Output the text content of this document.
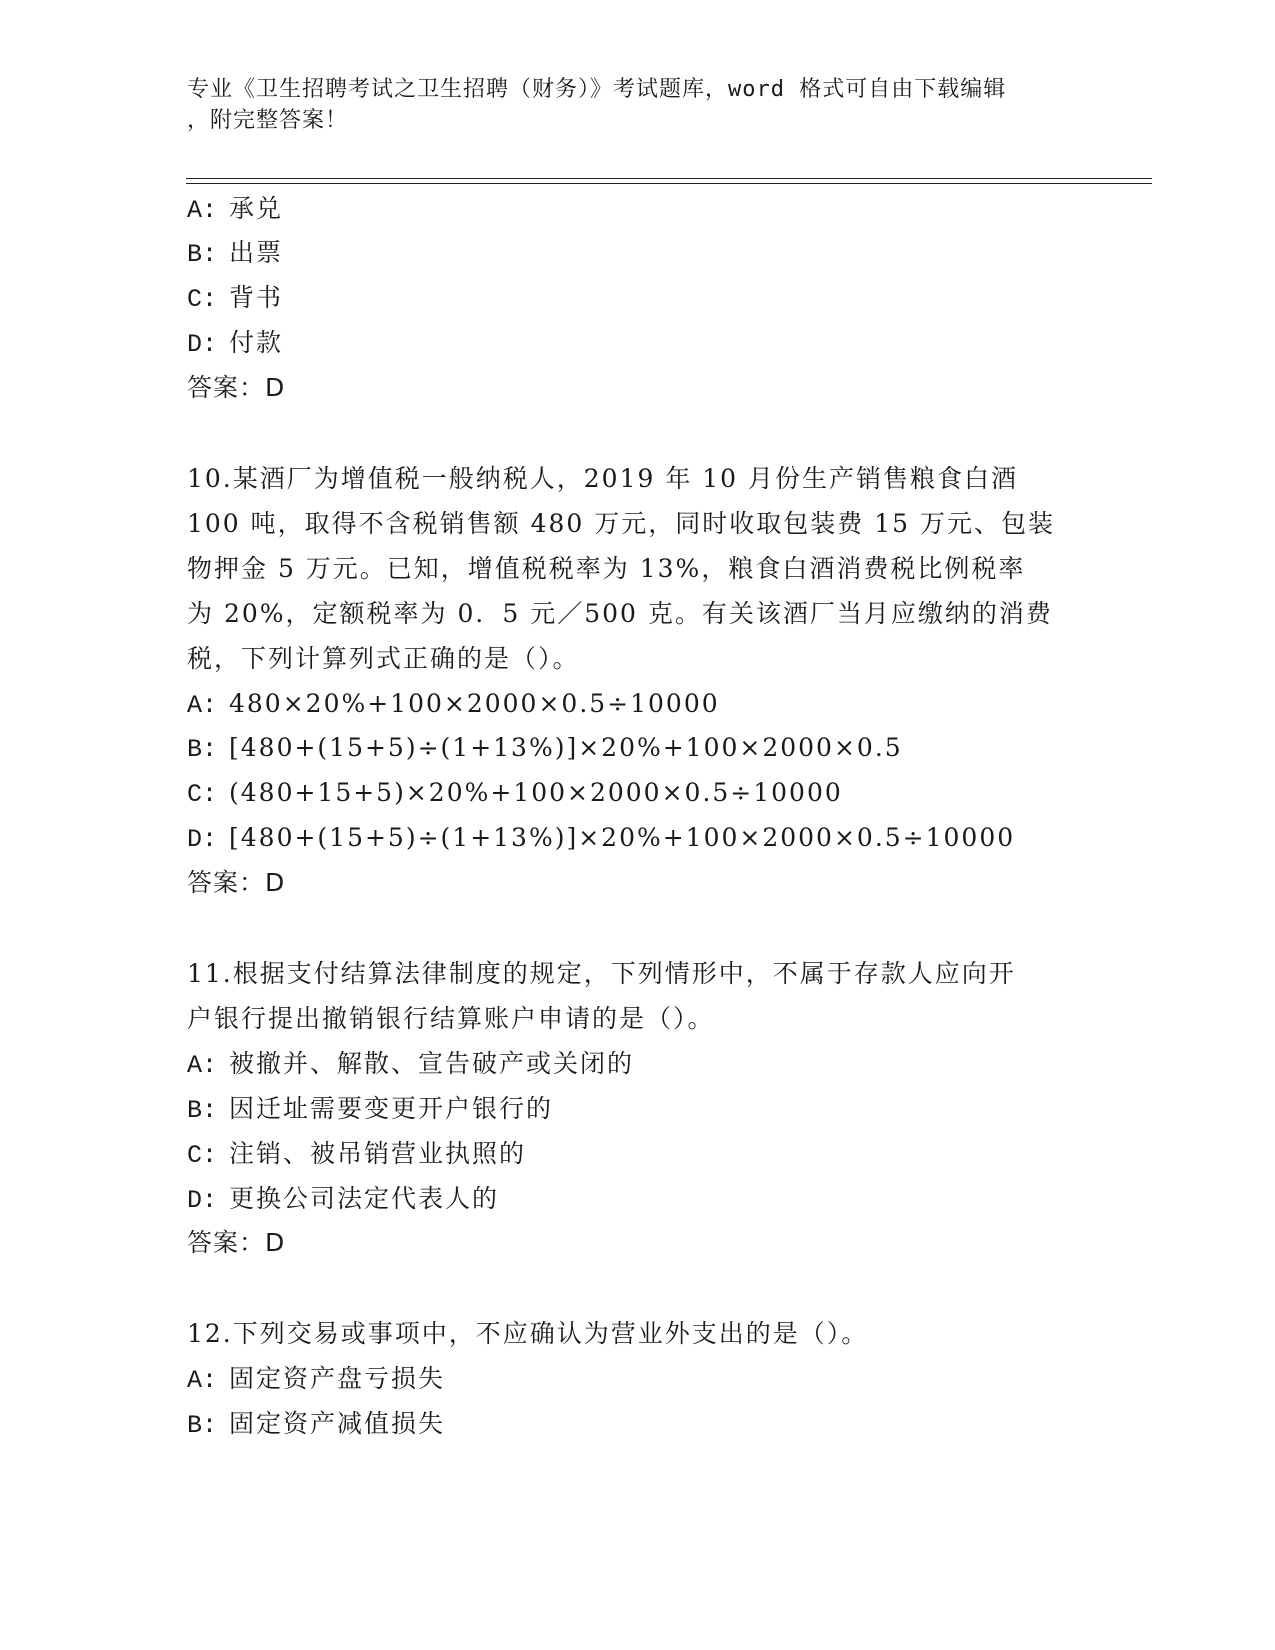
专业《卫生招聘考试之卫生招聘（财务）》考试题库，word 格式可自由下载编辑
，附完整答案！
A: 承兑
B: 出票
C: 背书
D: 付款
答案：D
10.某酒厂为增值税一般纳税人，2019 年 10 月份生产销售粮食白酒
100 吨，取得不含税销售额 480 万元，同时收取包装费 15 万元、包装
物押金 5 万元。已知，增值税税率为 13%，粮食白酒消费税比例税率
为 20%，定额税率为 0．5 元／500 克。有关该酒厂当月应缴纳的消费
税，下列计算列式正确的是（）。
A: 480×20%+100×2000×0.5÷10000
B: [480+(15+5)÷(1+13%)]×20%+100×2000×0.5
C: (480+15+5)×20%+100×2000×0.5÷10000
D: [480+(15+5)÷(1+13%)]×20%+100×2000×0.5÷10000
答案：D
11.根据支付结算法律制度的规定，下列情形中，不属于存款人应向开
户银行提出撤销银行结算账户申请的是（）。
A: 被撤并、解散、宣告破产或关闭的
B: 因迁址需要变更开户银行的
C: 注销、被吊销营业执照的
D: 更换公司法定代表人的
答案：D
12.下列交易或事项中，不应确认为营业外支出的是（）。
A: 固定资产盘亏损失
B: 固定资产减值损失
